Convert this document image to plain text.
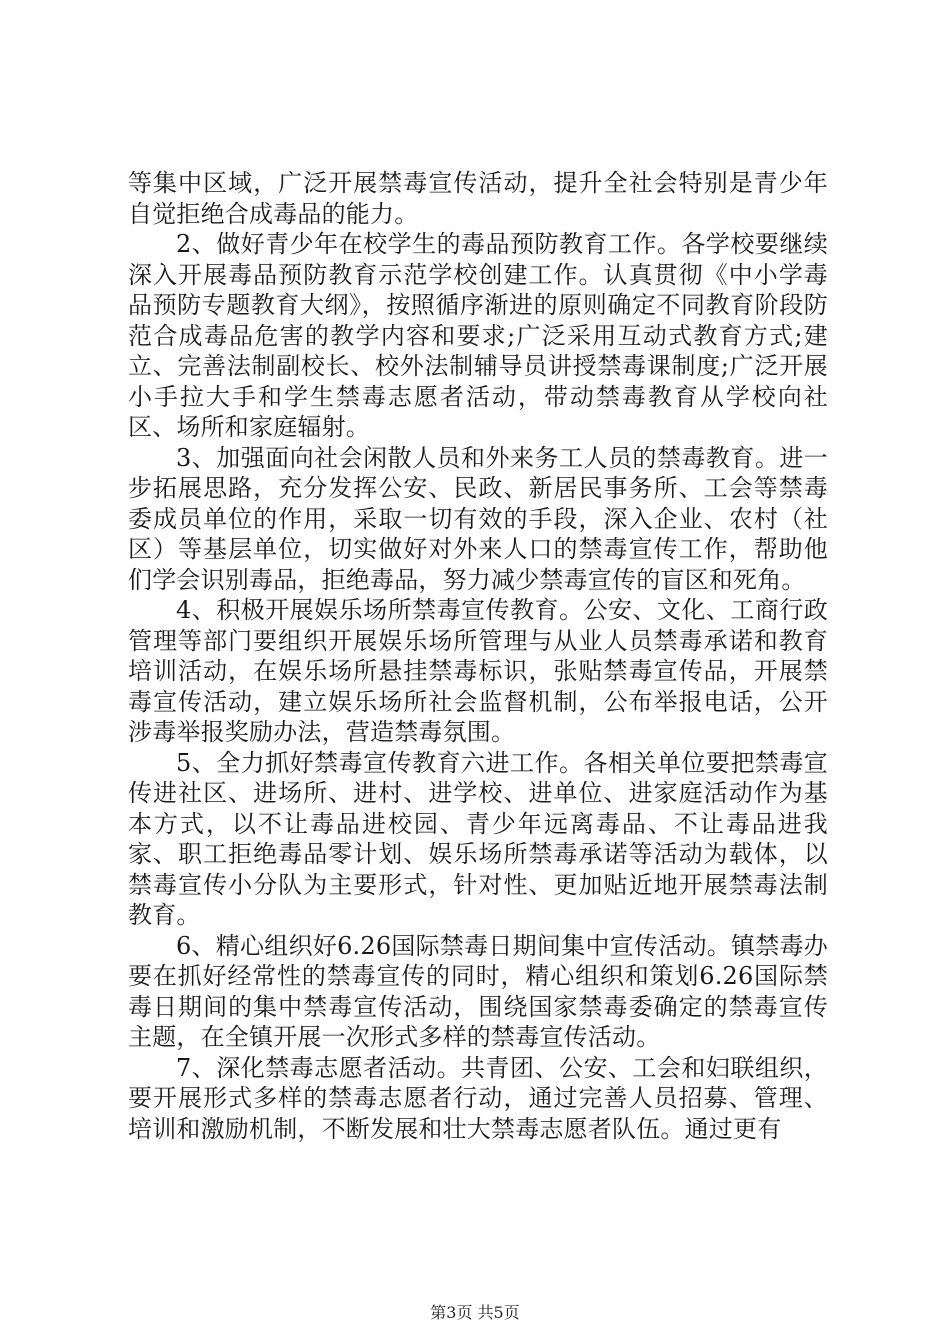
等集中区域，广泛开展禁毒宣传活动，提升全社会特别是青少年自觉拒绝合成毒品的能力。

2、做好青少年在校学生的毒品预防教育工作。各学校要继续深入开展毒品预防教育示范学校创建工作。认真贯彻《中小学毒品预防专题教育大纲》，按照循序渐进的原则确定不同教育阶段防范合成毒品危害的教学内容和要求;广泛采用互动式教育方式;建立、完善法制副校长、校外法制辅导员讲授禁毒课制度;广泛开展小手拉大手和学生禁毒志愿者活动，带动禁毒教育从学校向社区、场所和家庭辐射。

3、加强面向社会闲散人员和外来务工人员的禁毒教育。进一步拓展思路，充分发挥公安、民政、新居民事务所、工会等禁毒委成员单位的作用，采取一切有效的手段，深入企业、农村（社区）等基层单位，切实做好对外来人口的禁毒宣传工作，帮助他们学会识别毒品，拒绝毒品，努力减少禁毒宣传的盲区和死角。

4、积极开展娱乐场所禁毒宣传教育。公安、文化、工商行政管理等部门要组织开展娱乐场所管理与从业人员禁毒承诺和教育培训活动，在娱乐场所悬挂禁毒标识，张贴禁毒宣传品，开展禁毒宣传活动，建立娱乐场所社会监督机制，公布举报电话，公开涉毒举报奖励办法，营造禁毒氛围。

5、全力抓好禁毒宣传教育六进工作。各相关单位要把禁毒宣传进社区、进场所、进村、进学校、进单位、进家庭活动作为基本方式，以不让毒品进校园、青少年远离毒品、不让毒品进我家、职工拒绝毒品零计划、娱乐场所禁毒承诺等活动为载体，以禁毒宣传小分队为主要形式，针对性、更加贴近地开展禁毒法制教育。

6、精心组织好6.26国际禁毒日期间集中宣传活动。镇禁毒办要在抓好经常性的禁毒宣传的同时，精心组织和策划6.26国际禁毒日期间的集中禁毒宣传活动，围绕国家禁毒委确定的禁毒宣传主题，在全镇开展一次形式多样的禁毒宣传活动。

7、深化禁毒志愿者活动。共青团、公安、工会和妇联组织，要开展形式多样的禁毒志愿者行动，通过完善人员招募、管理、培训和激励机制，不断发展和壮大禁毒志愿者队伍。通过更有

第3页 共5页
